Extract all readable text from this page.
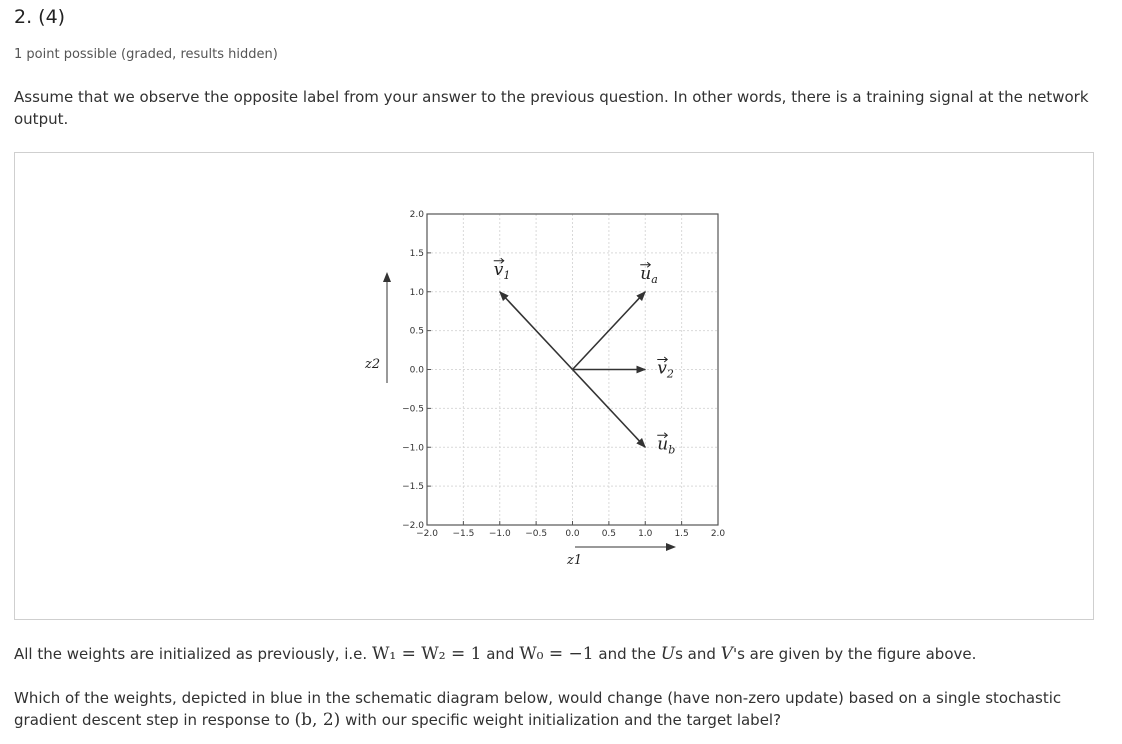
2. (4)
1 point possible (graded, results hidden)
Assume that we observe the opposite label from your answer to the previous question. In other words, there is a training signal at the network output.
−2.0 −1.5 −1.0 −0.5 0.0 0.5 1.0 1.5 2.0
2.0
1.5
1.0
0.5
0.0
−0.5
−1.0
−1.5
−2.0
z1
z2
$v_1$	$u_a$
$v_2$
$u_b$
All the weights are initialized as previously, i.e. W₁ = W₂ = 1 and W₀ = −1 and the Us and V's are given by the figure above.
Which of the weights, depicted in blue in the schematic diagram below, would change (have non-zero update) based on a single stochastic gradient descent step in response to (b, 2) with our specific weight initialization and the target label?
